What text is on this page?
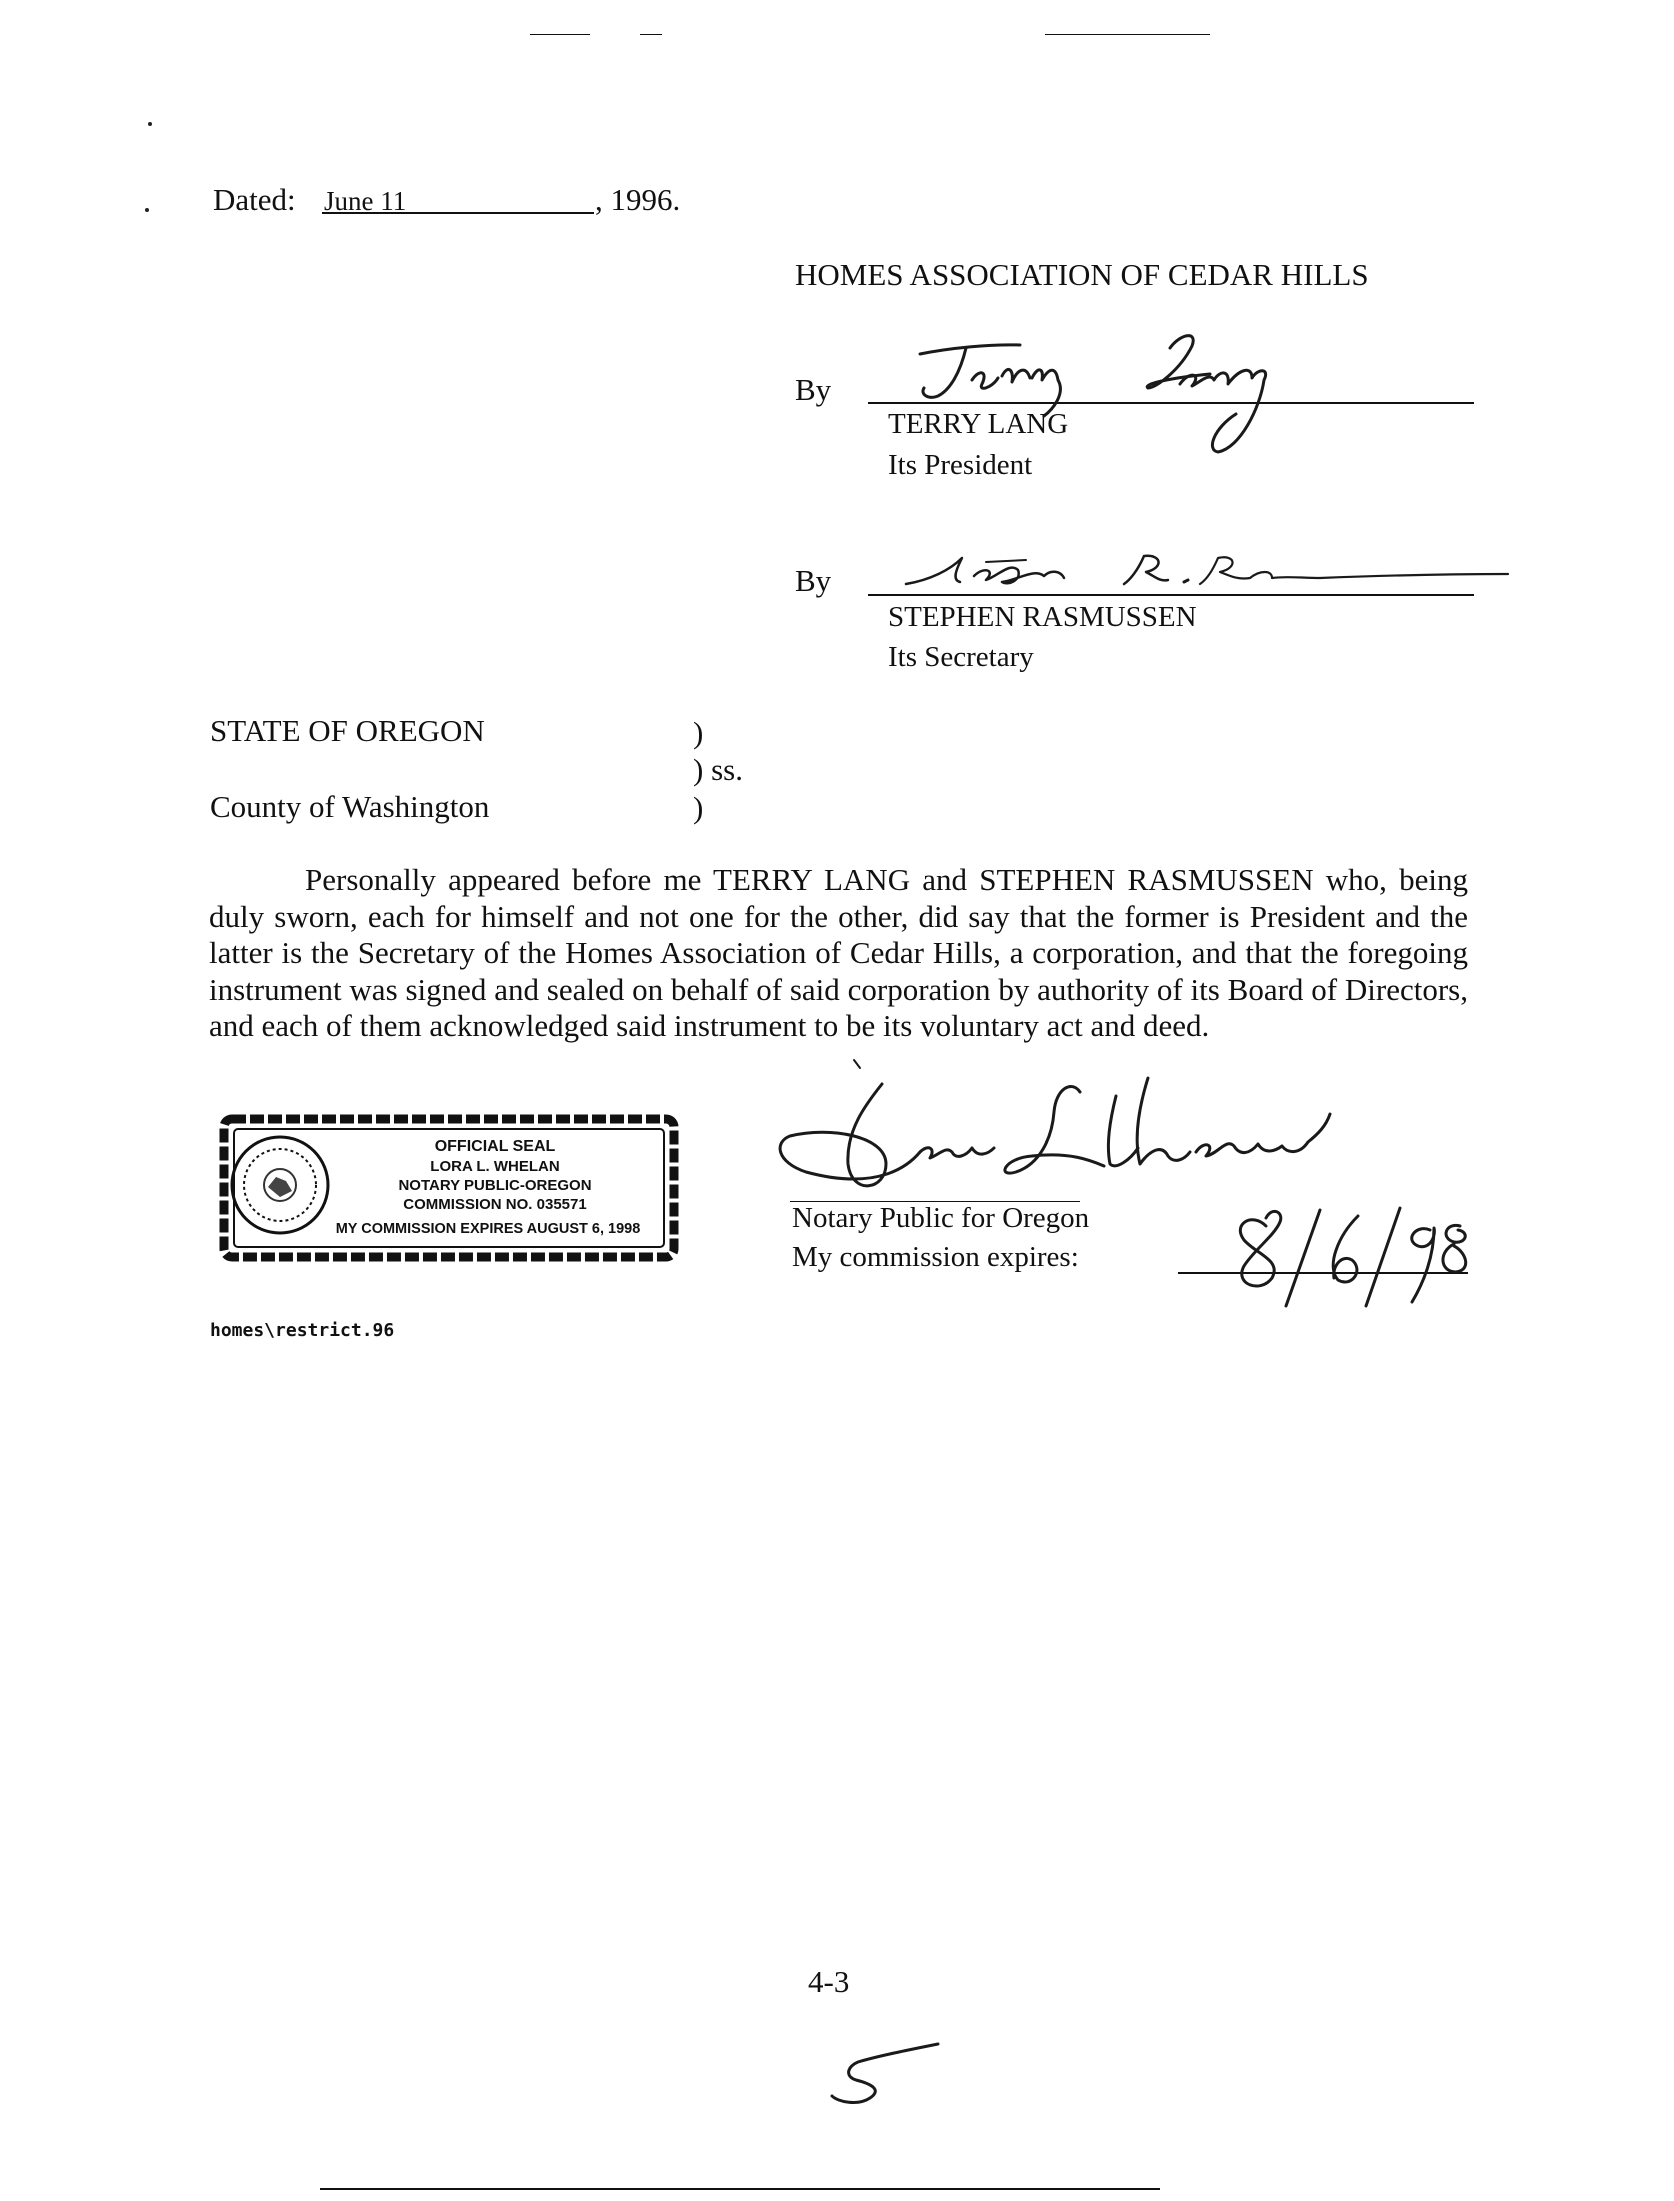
Dated: June 11	, 1996.
HOMES ASSOCIATION OF CEDAR HILLS
By
TERRY LANG
Its President
By
STEPHEN RASMUSSEN
Its Secretary
STATE OF OREGON
County of Washington
)
) ss.
)
Personally appeared before me TERRY LANG and STEPHEN RASMUSSEN who, being duly sworn, each for himself and not one for the other, did say that the former is President and the latter is the Secretary of the Homes Association of Cedar Hills, a corporation, and that the foregoing instrument was signed and sealed on behalf of said corporation by authority of its Board of Directors, and each of them acknowledged said instrument to be its voluntary act and deed.
OFFICIAL SEAL
LORA L. WHELAN
NOTARY PUBLIC-OREGON
COMMISSION NO. 035571
MY COMMISSION EXPIRES AUGUST 6, 1998	Notary Public for Oregon
My commission expires:
homes\restrict.96
4-3
